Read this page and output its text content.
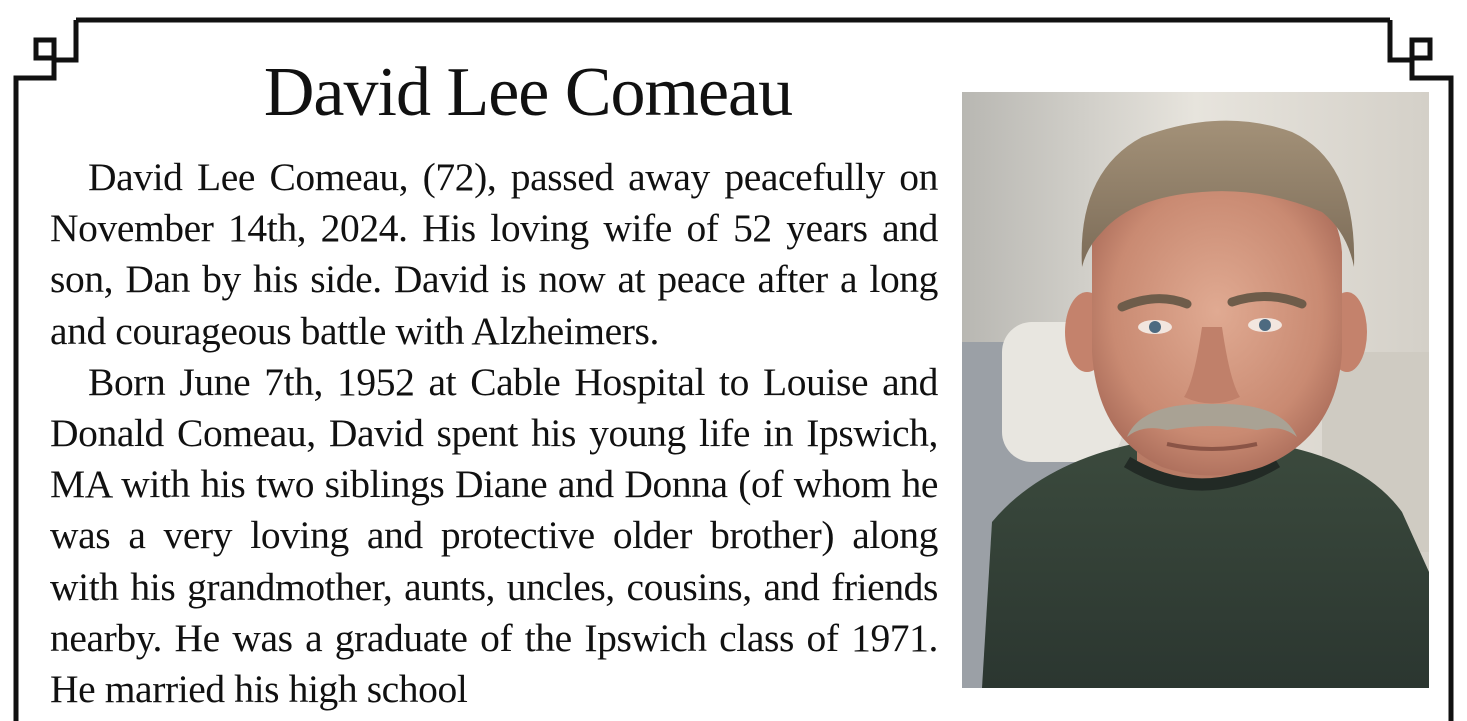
David Lee Comeau

David Lee Comeau, (72), passed away peacefully on November 14th, 2024. His loving wife of 52 years and son, Dan by his side. David is now at peace after a long and courageous battle with Alzheimers.

Born June 7th, 1952 at Cable Hospital to Louise and Donald Comeau, David spent his young life in Ipswich, MA with his two siblings Diane and Donna (of whom he was a very loving and protective older brother) along with his grandmother, aunts, uncles, cousins, and friends nearby. He was a graduate of the Ipswich class of 1971. He married his high school
